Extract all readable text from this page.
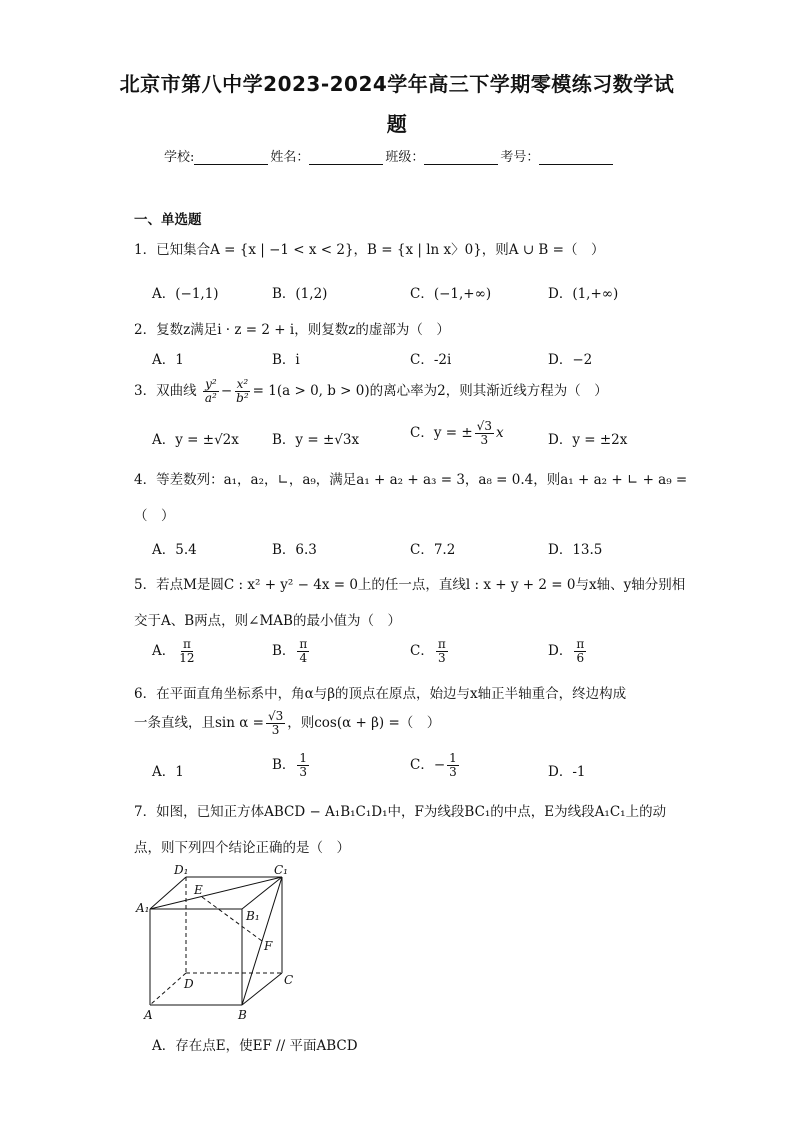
北京市第八中学2023-2024学年高三下学期零模练习数学试
题
学校:	姓名：	班级：	考号：
一、单选题
1．已知集合A = {x | −1 < x < 2}，B = {x | ln x〉0}，则A ∪ B =（　）
A．(−1,1)	B．(1,2)	C．(−1,+∞)	D．(1,+∞)
2．复数z满足i · z = 2 + i，则复数z的虚部为（　）
A．1	B．i	C．-2i	D．−2
3．双曲线 $\frac{\text{y²}}{\text{a²}} - \frac{\text{x²}}{\text{b²}} = 1(a > 0$, b > 0)的离心率为2，则其渐近线方程为（　）
A．y = ±√2x B．y = ±√3x	C．y = ± $\frac{√3}{3}$ x	D．y = ±2x
4．等差数列：a₁，a₂，∟，a₉，满足a₁ + a₂ + a₃ = 3，a₈ = 0.4，则a₁ + a₂ + ∟ + a₉ =
（　）
A．5.4	B．6.3	C．7.2	D．13.5
5．若点M是圆C : x² + y² − 4x = 0上的任一点，直线l : x + y + 2 = 0与x轴、y轴分别相
交于A、B两点，则∠MAB的最小值为（　）
A． $\frac{\pi}{12}$	B． $\frac{\pi}{4}$	C． $\frac{\pi}{3}$	D． $\frac{\pi}{6}$
6．在平面直角坐标系中，角α与β的顶点在原点，始边与x轴正半轴重合，终边构成
一条直线，且$\sin \alpha = \frac{√3}{3}$ ，则cos(α + β) =（　）
A．1	B． $\frac{1}{3}$	C．− $\frac{1}{3}$	D．-1
7．如图，已知正方体ABCD − A₁B₁C₁D₁中，F为线段BC₁的中点，E为线段A₁C₁上的动
点，则下列四个结论正确的是（　）
A₁
D₁	C₁
B₁
E
F
C
D
A	B
A．存在点E，使EF // 平面ABCD
